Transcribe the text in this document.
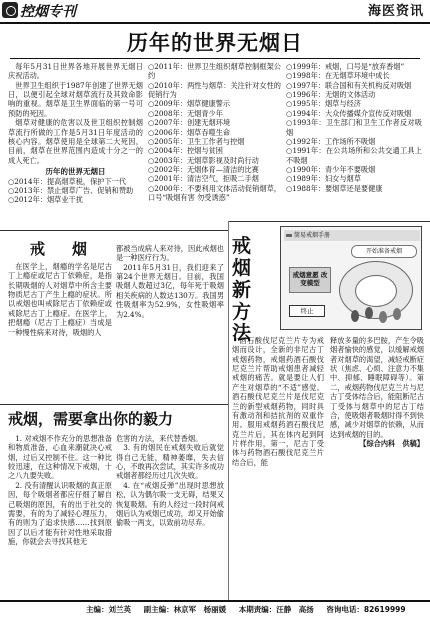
控烟专刊	海医资讯
历年的世界无烟日
每年5月31日世界各地开展世界无烟日庆祝活动。
世界卫生组织于1987年创建了世界无烟日，以便引起全球对烟草流行及其致命影响的重视。烟草是卫生界面临的第一号可预防的死因。
烟草对健康的危害以及世卫组织控制烟草流行所做的工作是5月31日年度活动的核心内容。烟草使用是全球第二大死因，目前，烟草在世界范围内造成十分之一的成人死亡。
历年的世界无烟日
○2014年：提高烟草税，保护下一代
○2013年：禁止烟草广告、促销和赞助
○2012年：烟草业干扰
○2011年：世界卫生组织烟草控制框架公约
○2010年：两性与烟草：关注针对女性的促销行为
○2009年：烟草健康警示
○2008年：无烟青少年
○2007年：创建无烟环境
○2006年：烟草吞噬生命
○2005年：卫生工作者与控烟
○2004年：控烟与贫困
○2003年：无烟草影视及时尚行动
○2002年：无烟体育—清洁的比赛
○2001年：清洁空气，拒吸二手烟
○2000年：不要利用文体活动促销烟草，口号“吸烟有害 勿受诱惑”
○1999年：戒烟，口号是“放弃香烟”
○1998年：在无烟草环境中成长
○1997年：联合国和有关机构反对吸烟
○1996年：无烟的文体活动
○1995年：烟草与经济
○1994年：大众传播媒介宣传反对吸烟
○1993年：卫生部门和卫生工作者反对吸烟
○1992年：工作场所不吸烟
○1991年：在公共场所和公共交通工具上不吸烟
○1990年：青少年不要吸烟
○1989年：妇女与烟草
○1988年：要烟草还是要健康
戒　烟
在医学上，烟瘾的学名是尼古丁上瘾症或尼古丁依赖症，是指长期吸烟的人对烟草中所含主要物质尼古丁产生上瘾的症状。所以戒烟也叫戒除尼古丁依赖症或戒除尼古丁上瘾症。在医学上，把烟瘾（尼古丁上瘾症）当成是一种慢性病来对待，吸烟的人
都被当成病人来对待，因此戒烟也是一种医疗行为。
2011年5月31日，我们迎来了第24个世界无烟日。目前，我国吸烟人数超过3亿，每年死于吸烟相关疾病的人数达130万。我国男性吸烟率为52.9%，女性吸烟率为2.4%。
戒烟，需要拿出你的毅力
1. 对戒烟不作充分的思想准备和物质准备，心血来潮就决心戒烟，过后又控制不住。这一种比较迅速，在这种情况下戒烟，十之八九要失败。
2. 没有清醒认识吸烟的真正原因，每个吸烟者都应仔细了解自己吸烟的原因，有的出于社交的需要，有的为了减轻心理压力，有的则为了追求快感……找到原因了以后才能有针对性地采取措施，你就会去寻找其他无
危害的方法，来代替香烟。
3. 有的烟民在戒烟失败后就觉得自己无能，精神萎靡，失去信心，不敢再次尝试，其实许多成功戒烟者都经历过几次失败。
4. 在“戒烟反弹”出现时思想放松，认为偶尔吸一支无碍，结果又恢复吸烟。有的人经过一段时间戒烟后认为戒烟已成功，却又开始偷偷吸一两支，以致前功尽弃。
戒
烟
新
方
法
简易戒烟手册
开始准备戒烟
戒烟意愿 改变模型
终止
酒石酸伐尼克兰片专为戒烟而设计，全新的非尼古丁戒烟药物，戒烟药酒石酸伐尼克兰片帮助戒烟患者减轻戒烟的痛苦。就是要让人们产生对烟草的“不适”感觉。酒石酸伐尼克兰片是伐尼克兰的新型戒烟药物，同时具有激动剂和拮抗剂的双重作用。服用戒烟药酒石酸伐尼克兰片后，其在体内起到阿片样作用，第一，尼古丁受体与药物酒石酸伐尼克兰片结合后，能
释放多量的多巴胺，产生令吸烟者愉快的感觉，以缓解戒烟者对烟草的渴望，减轻戒断症状（焦虑、心烦、注意力不集中、抑郁、睡眠障碍等）。第二，戒烟药物伐尼克兰片与尼古丁受体结合后，能阻断尼古丁受体与烟草中的尼古丁结合，使吸烟者吸烟时得不到快感，减少对烟草的依赖，从而达到戒烟的目的。
【综合内科　供稿】
主编：刘兰英 副主编：林京军　杨丽媛 本期责编：汪静　高扬 咨询电话：82619999
